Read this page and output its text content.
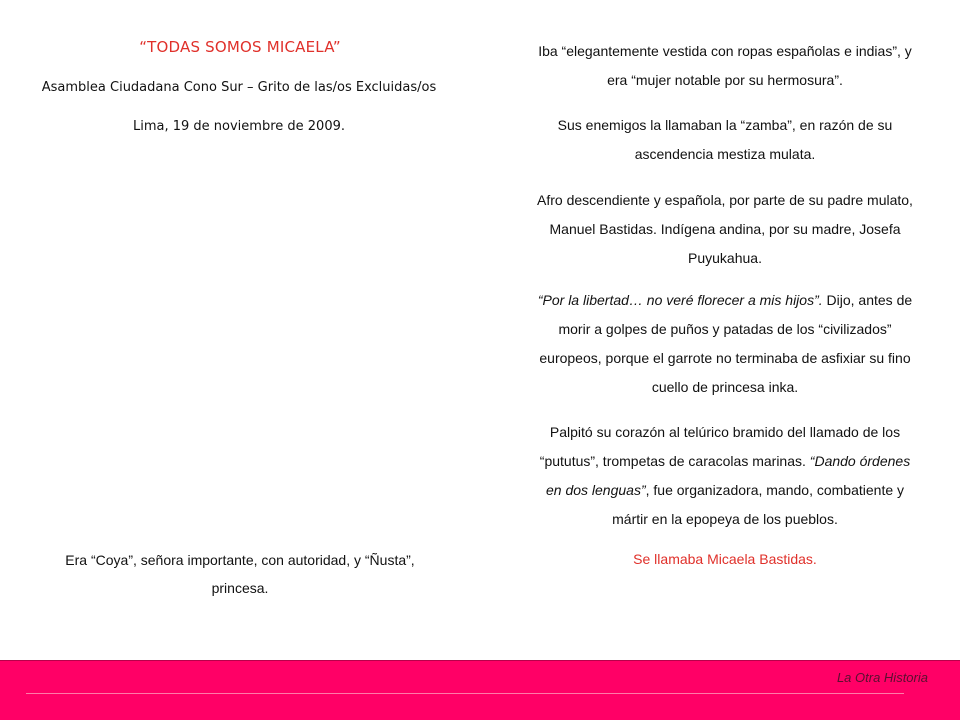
“TODAS SOMOS MICAELA”
Asamblea Ciudadana Cono Sur – Grito de las/os Excluidas/os
Lima, 19 de noviembre de 2009.
Era “Coya”, señora importante, con autoridad, y “Ñusta”,
princesa.
Iba “elegantemente vestida con ropas españolas e indias”, y
era “mujer notable por su hermosura”.
Sus enemigos la llamaban la “zamba”, en razón de su
ascendencia mestiza mulata.
Afro descendiente y española, por parte de su padre mulato,
Manuel Bastidas. Indígena andina, por su madre, Josefa
Puyukahua.
“Por la libertad… no veré florecer a mis hijos”. Dijo, antes de
morir a golpes de puños y patadas de los “civilizados”
europeos, porque el garrote no terminaba de asfixiar su fino
cuello de princesa inka.
Palpitó su corazón al telúrico bramido del llamado de los
“pututus”, trompetas de caracolas marinas. “Dando órdenes
en dos lenguas”, fue organizadora, mando, combatiente y
mártir en la epopeya de los pueblos.
Se llamaba Micaela Bastidas.
La Otra Historia
